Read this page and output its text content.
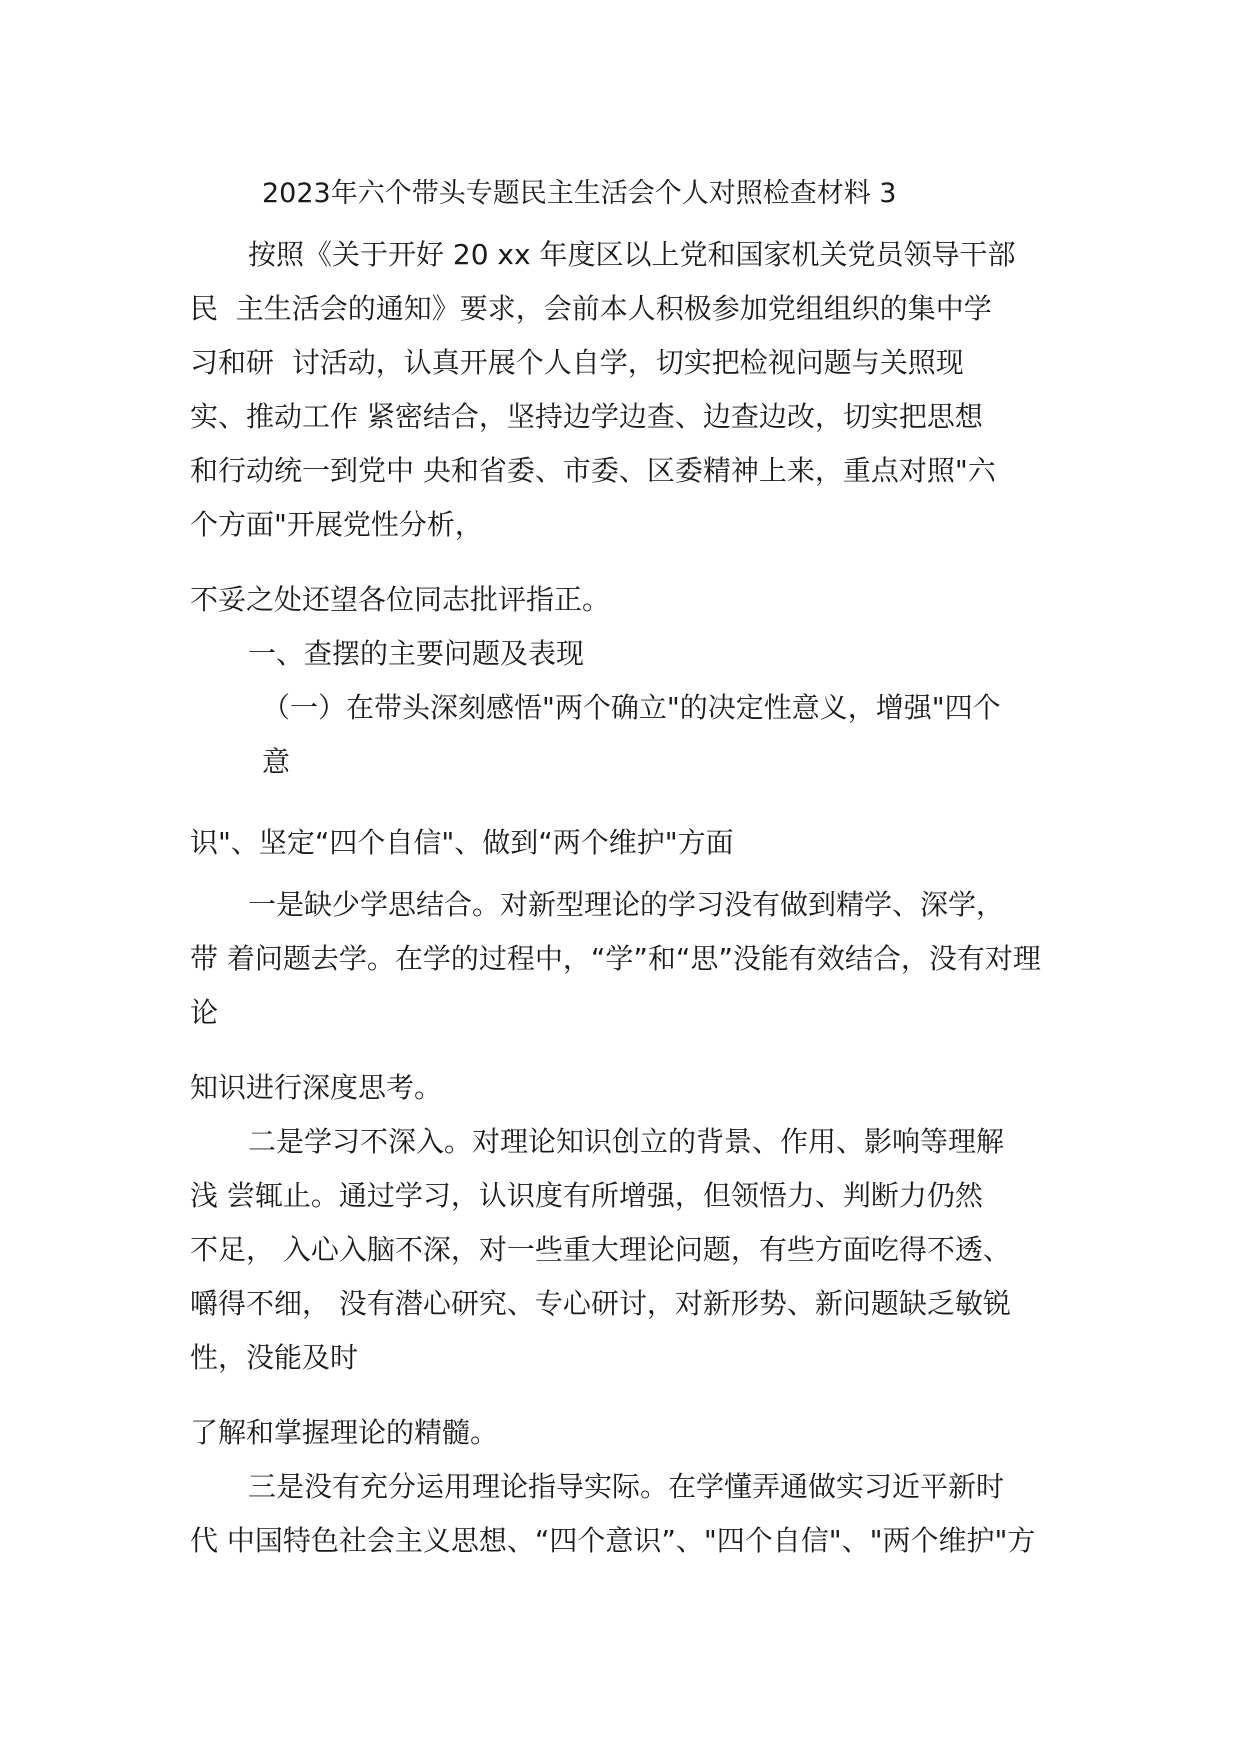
2023年六个带头专题民主生活会个人对照检查材料 3
按照《关于开好 20 xx 年度区以上党和国家机关党员领导干部
民  主生活会的通知》要求，会前本人积极参加党组组织的集中学
习和研  讨活动，认真开展个人自学，切实把检视问题与关照现
实、推动工作 紧密结合，坚持边学边查、边查边改，切实把思想
和行动统一到党中 央和省委、市委、区委精神上来，重点对照"六
个方面"开展党性分析，
不妥之处还望各位同志批评指正。
一、查摆的主要问题及表现
（一）在带头深刻感悟"两个确立"的决定性意义，增强"四个
意
识"、坚定“四个自信"、做到“两个维护"方面
一是缺少学思结合。对新型理论的学习没有做到精学、深学，
带 着问题去学。在学的过程中，“学”和“思”没能有效结合，没有对理
论
知识进行深度思考。
二是学习不深入。对理论知识创立的背景、作用、影响等理解
浅 尝辄止。通过学习，认识度有所增强，但领悟力、判断力仍然
不足， 入心入脑不深，对一些重大理论问题，有些方面吃得不透、
嚼得不细， 没有潜心研究、专心研讨，对新形势、新问题缺乏敏锐
性，没能及时
了解和掌握理论的精髓。
三是没有充分运用理论指导实际。在学懂弄通做实习近平新时
代 中国特色社会主义思想、“四个意识”、"四个自信"、"两个维护"方
